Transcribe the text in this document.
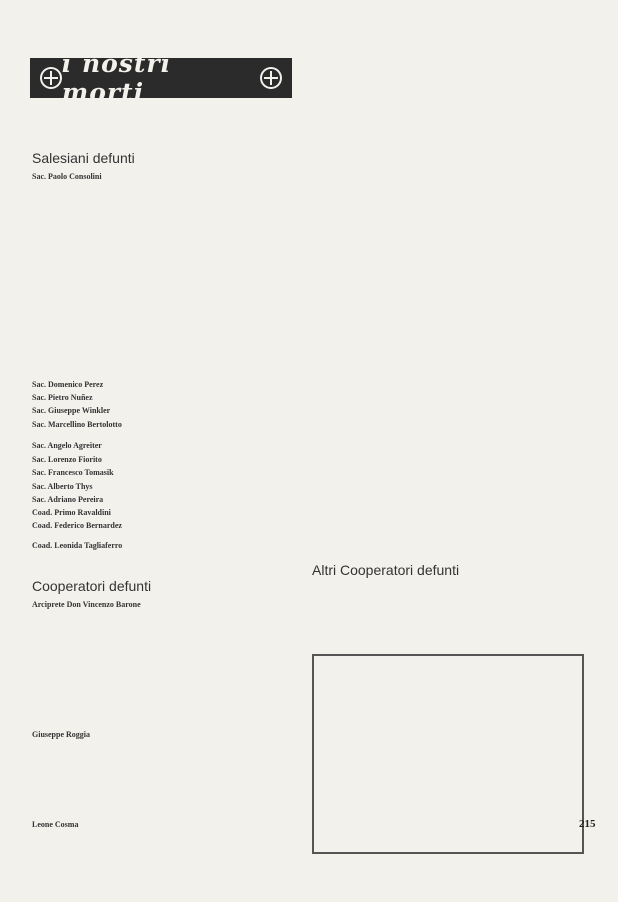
i nostri morti
Salesiani defunti
Sac. Paolo Consolini
Sac. Domenico Perez
Sac. Pietro Nuñez
Sac. Giuseppe Winkler
Sac. Marcellino Bertolotto
Sac. Angelo Agreiter
Sac. Lorenzo Fiorito
Sac. Francesco Tomasik
Sac. Alberto Thys
Sac. Adriano Pereira
Coad. Primo Ravaldini
Coad. Federico Bernardez
Coad. Leonida Tagliaferro
Cooperatori defunti
Arciprete Don Vincenzo Barone
Giuseppe Roggia
Leone Cosma
Altri Cooperatori defunti
215
